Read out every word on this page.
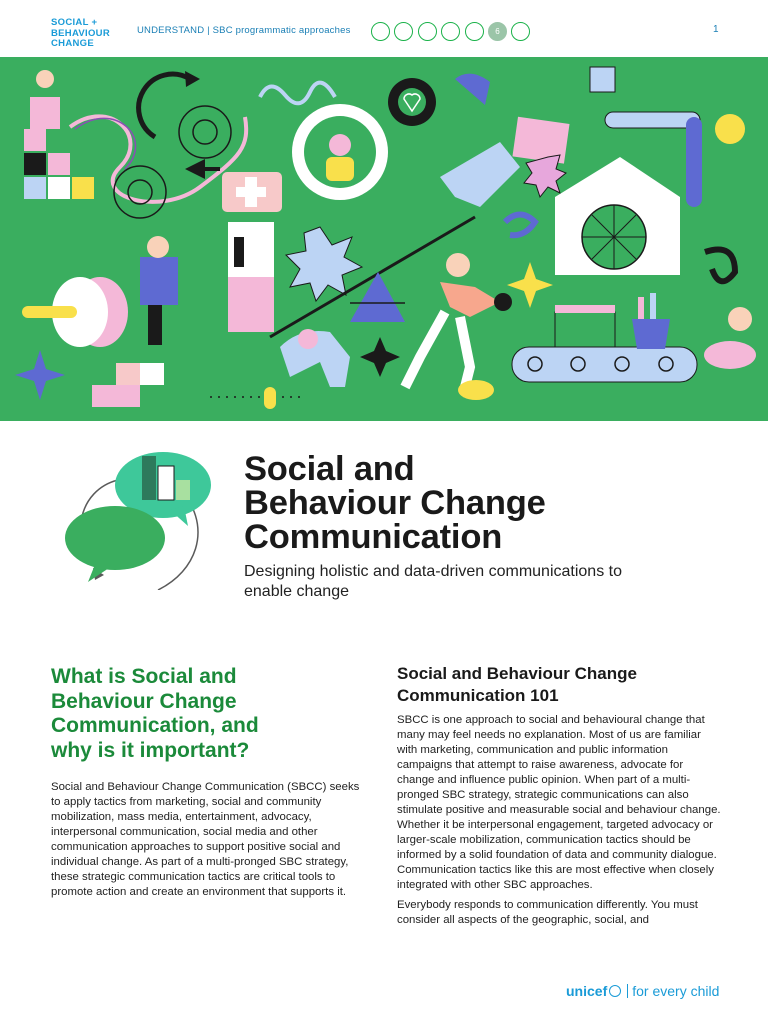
SOCIAL +
BEHAVIOUR
CHANGE
UNDERSTAND | SBC programmatic approaches	6	1
Social and
Behaviour Change
Communication
Designing holistic and data-driven communications to enable change
What is Social and
Behaviour Change
Communication, and
why is it important?
Social and Behaviour Change Communication (SBCC) seeks to apply tactics from marketing, social and community mobilization, mass media, entertainment, advocacy, interpersonal communication, social media and other communication approaches to support positive social and individual change. As part of a multi-pronged SBC strategy, these strategic communication tactics are critical tools to promote action and create an environment that supports it.
Social and Behaviour Change
Communication 101

SBCC is one approach to social and behavioural change that many may feel needs no explanation. Most of us are familiar with marketing, communication and public information campaigns that attempt to raise awareness, advocate for change and influence public opinion. When part of a multi-pronged SBC strategy, strategic communications can also stimulate positive and measurable social and behaviour change. Whether it be interpersonal engagement, targeted advocacy or larger-scale mobilization, communication tactics should be informed by a solid foundation of data and community dialogue. Communication tactics like this are most effective when closely integrated with other SBC approaches.

Everybody responds to communication differently. You must consider all aspects of the geographic, social, and

unicef for every child
